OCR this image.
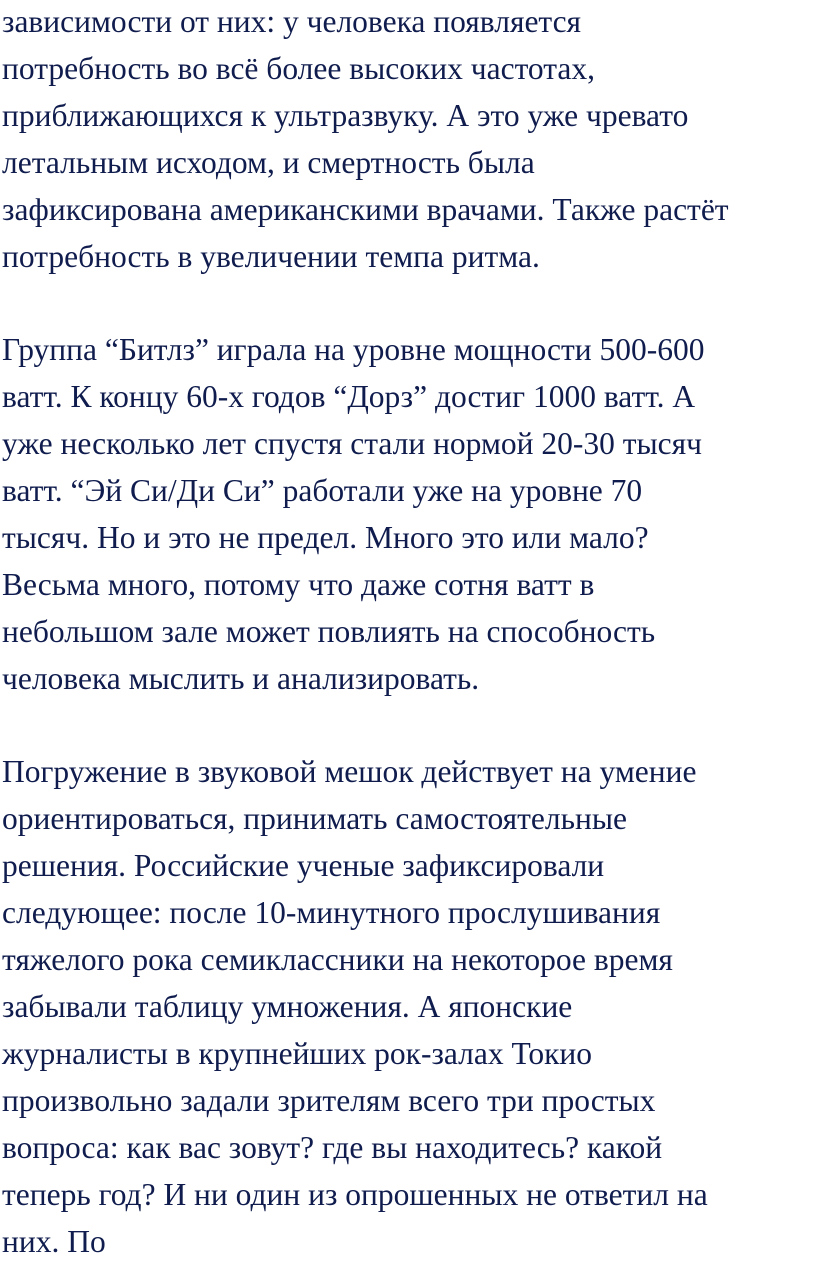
зависимости от них: у человека появляется
потребность во всё более высоких частотах,
приближающихся к ультразвуку. А это уже чревато
летальным исходом, и смертность была
зафиксирована американскими врачами. Также растёт
потребность в увеличении темпа ритма.

Группа “Битлз” играла на уровне мощности 500-600
ватт. К концу 60-х годов “Дорз” достиг 1000 ватт. А
уже несколько лет спустя стали нормой 20-30 тысяч
ватт. “Эй Си/Ди Си” работали уже на уровне 70
тысяч. Но и это не предел. Много это или мало?
Весьма много, потому что даже сотня ватт в
небольшом зале может повлиять на способность
человека мыслить и анализировать.

Погружение в звуковой мешок действует на умение
ориентироваться, принимать самостоятельные
решения. Российские ученые зафиксировали
следующее: после 10-минутного прослушивания
тяжелого рока семиклассники на некоторое время
забывали таблицу умножения. А японские
журналисты в крупнейших рок-залах Токио
произвольно задали зрителям всего три простых
вопроса: как вас зовут? где вы находитесь? какой
теперь год? И ни один из опрошенных не ответил на
них. По
